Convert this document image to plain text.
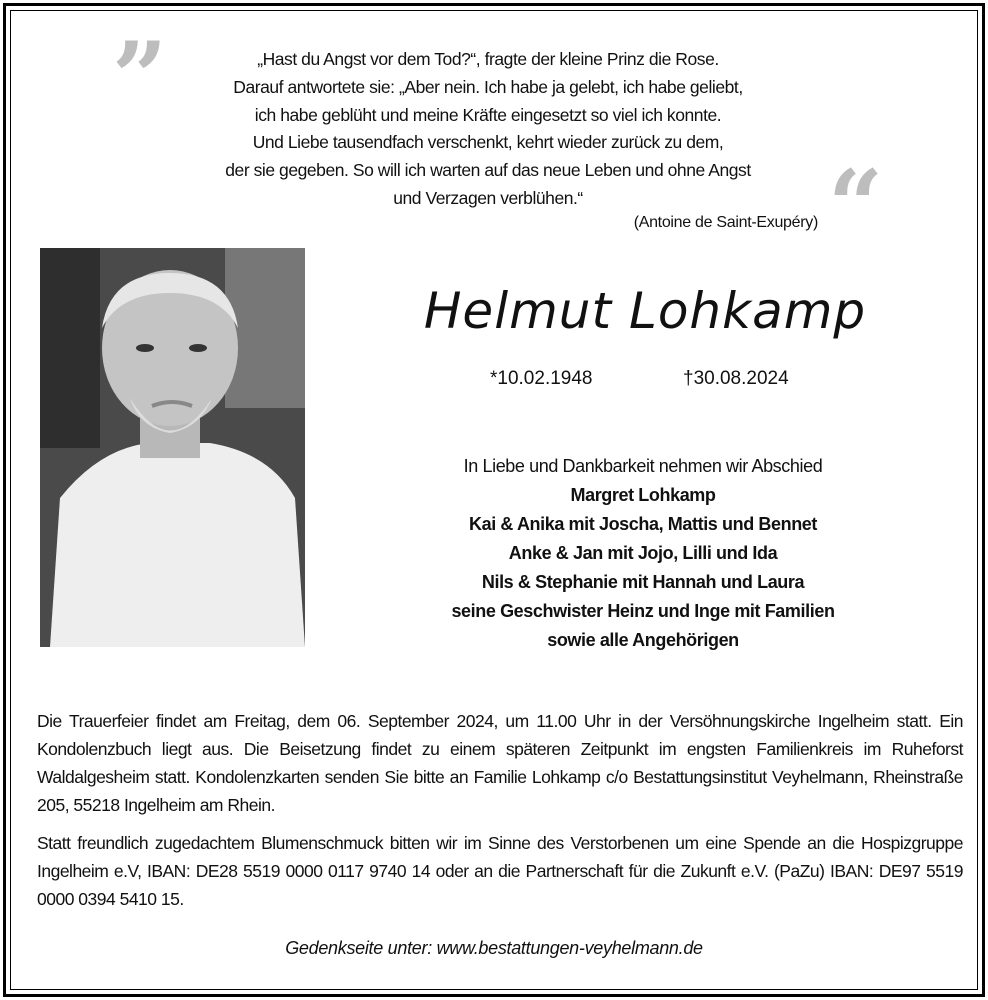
”
“
„Hast du Angst vor dem Tod?“, fragte der kleine Prinz die Rose.
Darauf antwortete sie: „Aber nein. Ich habe ja gelebt, ich habe geliebt,
ich habe geblüht und meine Kräfte eingesetzt so viel ich konnte.
Und Liebe tausendfach verschenkt, kehrt wieder zurück zu dem,
der sie gegeben. So will ich warten auf das neue Leben und ohne Angst
und Verzagen verblühen.“
(Antoine de Saint-Exupéry)
Helmut Lohkamp
*10.02.1948	†30.08.2024
In Liebe und Dankbarkeit nehmen wir Abschied
Margret Lohkamp
Kai & Anika mit Joscha, Mattis und Bennet
Anke & Jan mit Jojo, Lilli und Ida
Nils & Stephanie mit Hannah und Laura
seine Geschwister Heinz und Inge mit Familien
sowie alle Angehörigen
Die Trauerfeier findet am Freitag, dem 06. September 2024, um 11.00 Uhr in der Versöhnungskirche Ingelheim statt. Ein Kondolenzbuch liegt aus. Die Beisetzung findet zu einem späteren Zeitpunkt im engsten Familienkreis im Ruheforst Waldalgesheim statt. Kondolenzkarten senden Sie bitte an Familie Lohkamp c/o Bestattungsinstitut Veyhelmann, Rheinstraße 205, 55218 Ingelheim am Rhein.
Statt freundlich zugedachtem Blumenschmuck bitten wir im Sinne des Verstorbenen um eine Spende an die Hospizgruppe Ingelheim e.V, IBAN: DE28 5519 0000 0117 9740 14 oder an die Partnerschaft für die Zukunft e.V. (PaZu) IBAN: DE97 5519 0000 0394 5410 15.
Gedenkseite unter: www.bestattungen-veyhelmann.de
